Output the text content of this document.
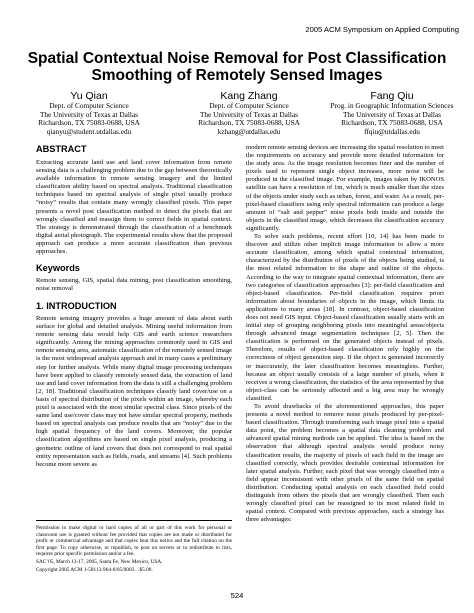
2005 ACM Symposium on Applied Computing
Spatial Contextual Noise Removal for Post Classification
Smoothing of Remotely Sensed Images
Yu Qian
Dept. of Computer Science
The University of Texas at Dallas
Richardson, TX 75083-0688, USA
qianyu@student.utdallas.edu
Kang Zhang
Dept. of Computer Science
The University of Texas at Dallas
Richardson, TX 75083-0688, USA
kzhang@utdallas.edu
Fang Qiu
Prog. in Geographic Information Sciences
The University of Texas at Dallas
Richardson, TX 75083-0688, USA
ffqiu@utdallas.edu
ABSTRACT

Extracting accurate land use and land cover information from remote sensing data is a challenging problem due to the gap between theoretically available information in remote sensing imagery and the limited classification ability based on spectral analysis. Traditional classification techniques based on spectral analysis of single pixel usually produce “noisy” results that contain many wrongly classified pixels. This paper presents a novel post classification method to detect the pixels that are wrongly classified and reassign them to correct fields in spatial context. The strategy is demonstrated through the classification of a benchmark digital aerial photograph. The experimental results show that the proposed approach can produce a more accurate classification than previous approaches.

Keywords

Remote sensing, GIS, spatial data mining, post classification smoothing, noise removal

1. INTRODUCTION

Remote sensing imagery provides a huge amount of data about earth surface for global and detailed analysis. Mining useful information from remote sensing data would help GIS and earth science researchers significantly. Among the mining approaches commonly used in GIS and remote sensing area, automatic classification of the remotely sensed image is the most widespread analysis approach and in many cases a preliminary step for further analysis. While many digital image processing techniques have been applied to classify remotely sensed data, the extraction of land use and land cover information from the data is still a challenging problem [2, 18]. Traditional classification techniques classify land cover/use on a basis of spectral distribution of the pixels within an image, whereby each pixel is associated with the most similar spectral class. Since pixels of the same land use/cover class may not have similar spectral property, methods based on spectral analysis can produce results that are “noisy” due to the high spatial frequency of the land covers. Moreover, the popular classification algorithms are based on single pixel analysis, producing a geometric outline of land covers that does not correspond to real spatial entity representation such as fields, roads, and streams [4]. Such problems become more severe as

Permission to make digital or hard copies of all or part of this work for personal or classroom use is granted without fee provided that copies are not made or distributed for profit or commercial advantage and that copies bear this notice and the full citation on the first page. To copy otherwise, or republish, to post on servers or to redistribute to lists, requires prior specific permission and/or a fee.

SAC’05, March 13-17, 2005, Santa Fe, New Mexico, USA.

Copyright 2005 ACM 1-58113-964-0/05/0003…$5.00.

modern remote sensing devices are increasing the spatial resolution to meet the requirements on accuracy and provide more detailed information for the study area. As the image resolution becomes finer and the number of pixels used to represent single object increases, more noise will be produced in the classified image. For example, images taken by IKONOS satellite can have a resolution of 1m, which is much smaller than the sizes of the objects under study such as urban, forest, and water. As a result, per-pixel-based classifiers using only spectral information can produce a large amount of “salt and pepper” noise pixels both inside and outside the objects in the classified image, which decreases the classification accuracy significantly.

To solve such problems, recent effort [10, 14] has been made to discover and utilize other implicit image information to allow a more accurate classification, among which spatial contextual information, characterized by the distribution of pixels of the objects being studied, is the most related information to the shape and outline of the objects. According to the way to integrate spatial contextual information, there are two categories of classification approaches [3]: per-field classification and object-based classification. Per-field classification requires priori information about boundaries of objects in the image, which limits its applications to many areas [18]. In contrast, object-based classification does not need GIS input. Object-based classification usually starts with an initial step of grouping neighboring pixels into meaningful areas/objects through advanced image segmentation techniques [2, 5]. Then the classification is performed on the generated objects instead of pixels. Therefore, results of object-based classification rely highly on the correctness of object generation step. If the object is generated incorrectly or inaccurately, the later classification becomes meaningless. Further, because an object usually consists of a large number of pixels, when it receives a wrong classification, the statistics of the area represented by that object-class can be seriously affected and a big area may be wrongly classified.

To avoid drawbacks of the aforementioned approaches, this paper presents a novel method to remove noise pixels produced by per-pixel-based classification. Through transforming each image pixel into a spatial data point, the problem becomes a spatial data cleaning problem and advanced spatial mining methods can be applied. The idea is based on the observation that although spectral analysis would produce noisy classification results, the majority of pixels of each field in the image are classified correctly, which provides desirable contextual information for later spatial analysis. Further, each pixel that was wrongly classified into a field appear inconsistent with other pixels of the same field on spatial distribution. Conducting spatial analysis on each classified field could distinguish from others the pixels that are wrongly classified. Then each wrongly classified pixel can be reassigned to its most related field in spatial context. Compared with previous approaches, such a strategy has three advantages:

524
